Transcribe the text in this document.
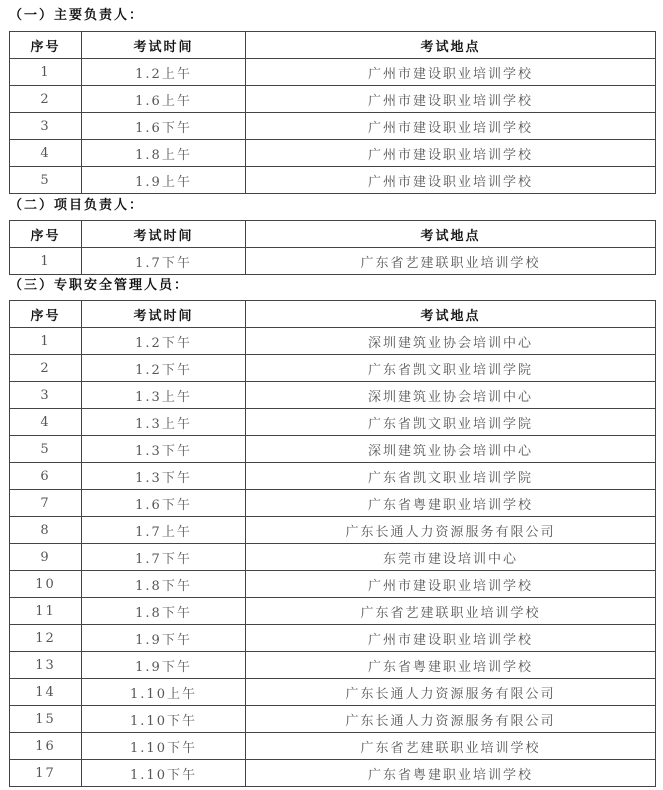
（一）主要负责人：
序号	考试时间	考试地点
1	1.2上午	广州市建设职业培训学校
2	1.6上午	广州市建设职业培训学校
3	1.6下午	广州市建设职业培训学校
4	1.8上午	广州市建设职业培训学校
5	1.9上午	广州市建设职业培训学校
（二）项目负责人：
序号	考试时间	考试地点
1	1.7下午	广东省艺建联职业培训学校
（三）专职安全管理人员：
序号	考试时间	考试地点
1	1.2下午	深圳建筑业协会培训中心
2	1.2下午	广东省凯文职业培训学院
3	1.3上午	深圳建筑业协会培训中心
4	1.3上午	广东省凯文职业培训学院
5	1.3下午	深圳建筑业协会培训中心
6	1.3下午	广东省凯文职业培训学院
7	1.6下午	广东省粤建职业培训学校
8	1.7上午	广东长通人力资源服务有限公司
9	1.7下午	东莞市建设培训中心
10	1.8下午	广州市建设职业培训学校
11	1.8下午	广东省艺建联职业培训学校
12	1.9下午	广州市建设职业培训学校
13	1.9下午	广东省粤建职业培训学校
14	1.10上午	广东长通人力资源服务有限公司
15	1.10下午	广东长通人力资源服务有限公司
16	1.10下午	广东省艺建联职业培训学校
17	1.10下午	广东省粤建职业培训学校
